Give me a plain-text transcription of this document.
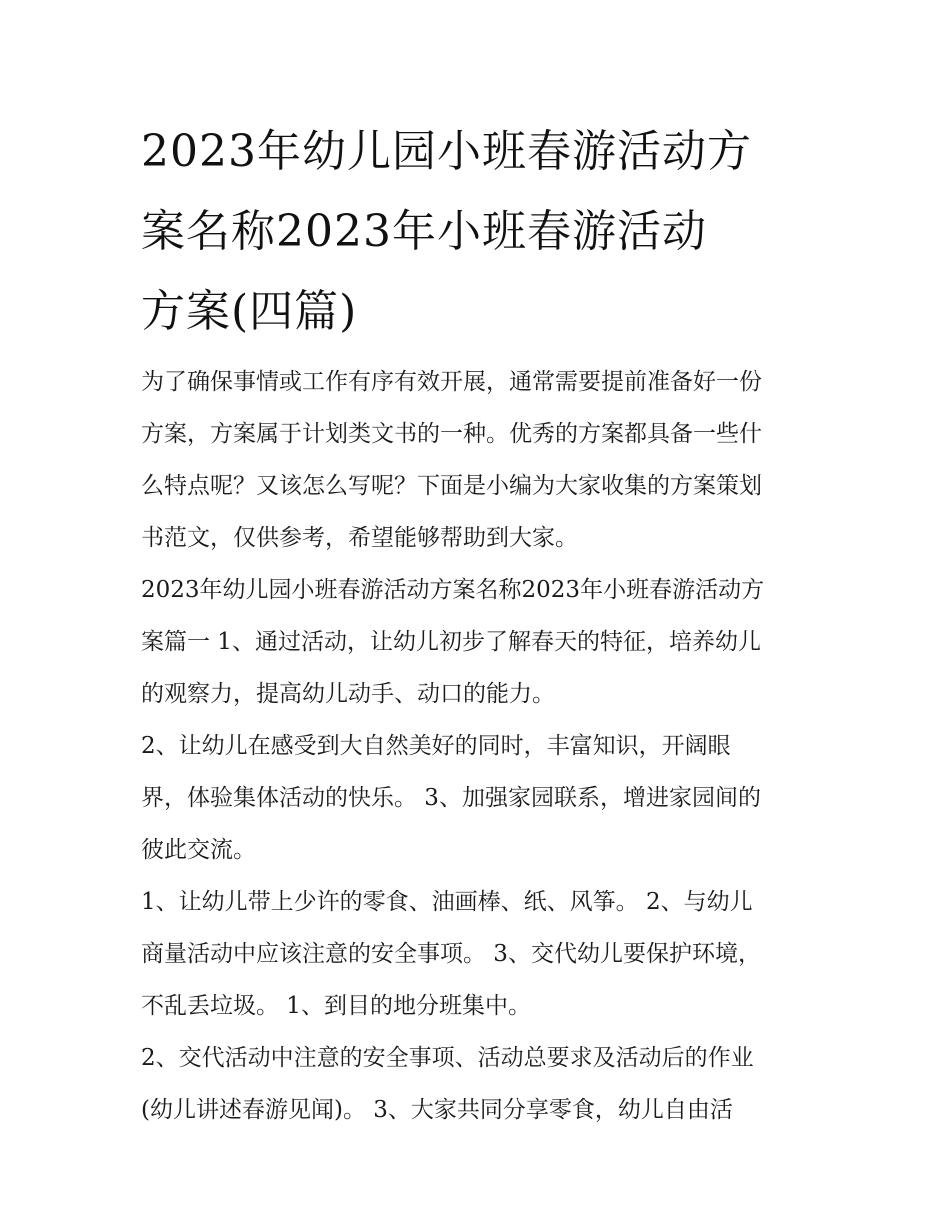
2023年幼儿园小班春游活动方
案名称2023年小班春游活动
方案(四篇)

为了确保事情或工作有序有效开展，通常需要提前准备好一份
方案，方案属于计划类文书的一种。优秀的方案都具备一些什
么特点呢？又该怎么写呢？下面是小编为大家收集的方案策划
书范文，仅供参考，希望能够帮助到大家。

2023年幼儿园小班春游活动方案名称2023年小班春游活动方
案篇一 1、通过活动，让幼儿初步了解春天的特征，培养幼儿
的观察力，提高幼儿动手、动口的能力。

2、让幼儿在感受到大自然美好的同时，丰富知识，开阔眼
界，体验集体活动的快乐。 3、加强家园联系，增进家园间的
彼此交流。

1、让幼儿带上少许的零食、油画棒、纸、风筝。 2、与幼儿
商量活动中应该注意的安全事项。 3、交代幼儿要保护环境，
不乱丢垃圾。 1、到目的地分班集中。

2、交代活动中注意的安全事项、活动总要求及活动后的作业
(幼儿讲述春游见闻)。 3、大家共同分享零食，幼儿自由活
